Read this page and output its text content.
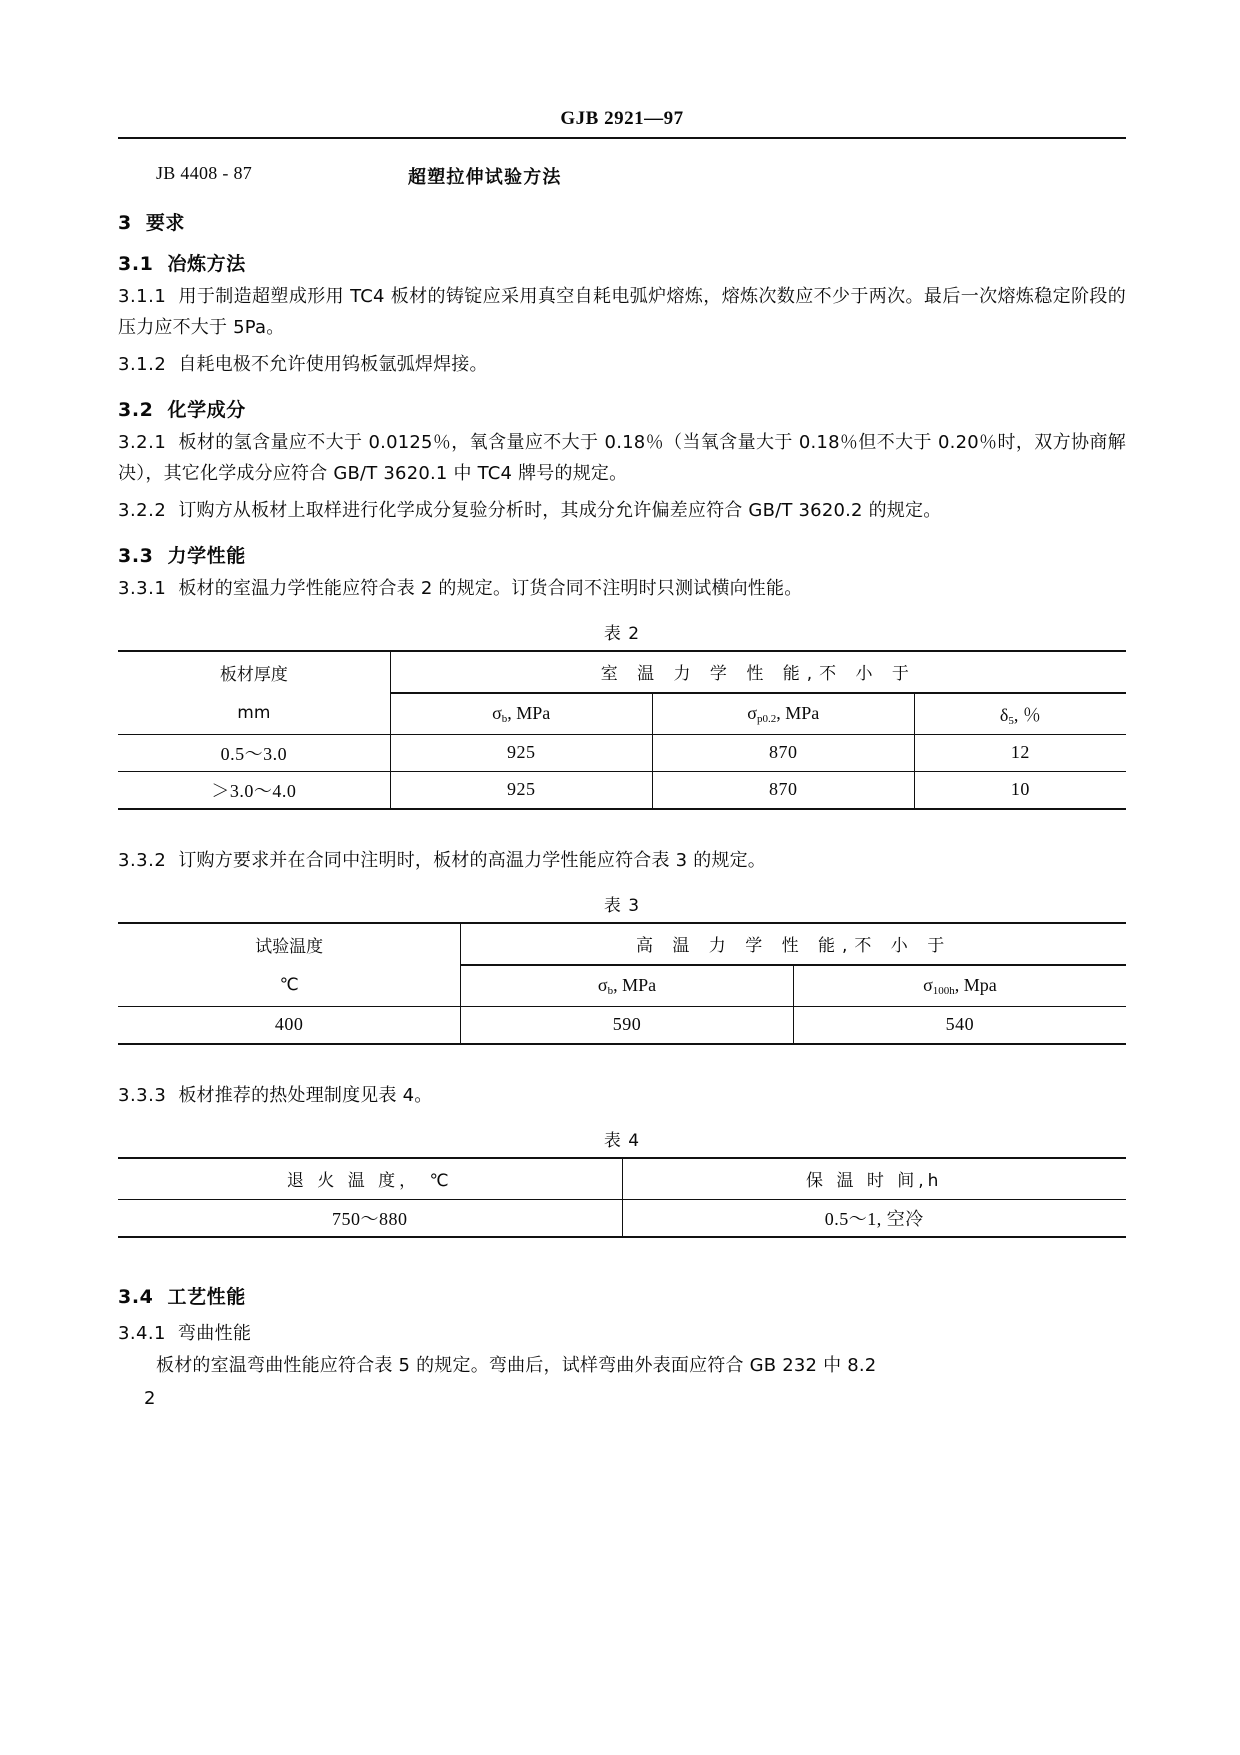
GJB 2921—97
JB 4408 - 87	超塑拉伸试验方法
3 要求
3.1 冶炼方法

3.1.1 用于制造超塑成形用 TC4 板材的铸锭应采用真空自耗电弧炉熔炼，熔炼次数应不少于两次。最后一次熔炼稳定阶段的压力应不大于 5Pa。

3.1.2 自耗电极不允许使用钨板氩弧焊焊接。

3.2 化学成分

3.2.1 板材的氢含量应不大于 0.0125％，氧含量应不大于 0.18％（当氧含量大于 0.18％但不大于 0.20％时，双方协商解决），其它化学成分应符合 GB/T 3620.1 中 TC4 牌号的规定。

3.2.2 订购方从板材上取样进行化学成分复验分析时，其成分允许偏差应符合 GB/T 3620.2 的规定。

3.3 力学性能

3.3.1 板材的室温力学性能应符合表 2 的规定。订货合同不注明时只测试横向性能。

表 2
板材厚度	室 温 力 学 性 能,不 小 于		
mm	$\sigma_b$, MPa	$\sigma_{p0.2}$, MPa	$\delta_5$, ％
0.5～3.0	925	870	12
＞3.0～4.0	925	870	10

3.3.2 订购方要求并在合同中注明时，板材的高温力学性能应符合表 3 的规定。

表 3
试验温度	高 温 力 学 性 能,不 小 于	
℃	$\sigma_b$, MPa	$\sigma_{100h}$, Mpa
400	590	540

3.3.3 板材推荐的热处理制度见表 4。

表 4
退 火 温 度， ℃	保 温 时 间,h
750～880	0.5～1, 空冷
3.4 工艺性能
3.4.1 弯曲性能

板材的室温弯曲性能应符合表 5 的规定。弯曲后，试样弯曲外表面应符合 GB 232 中 8.2

2
